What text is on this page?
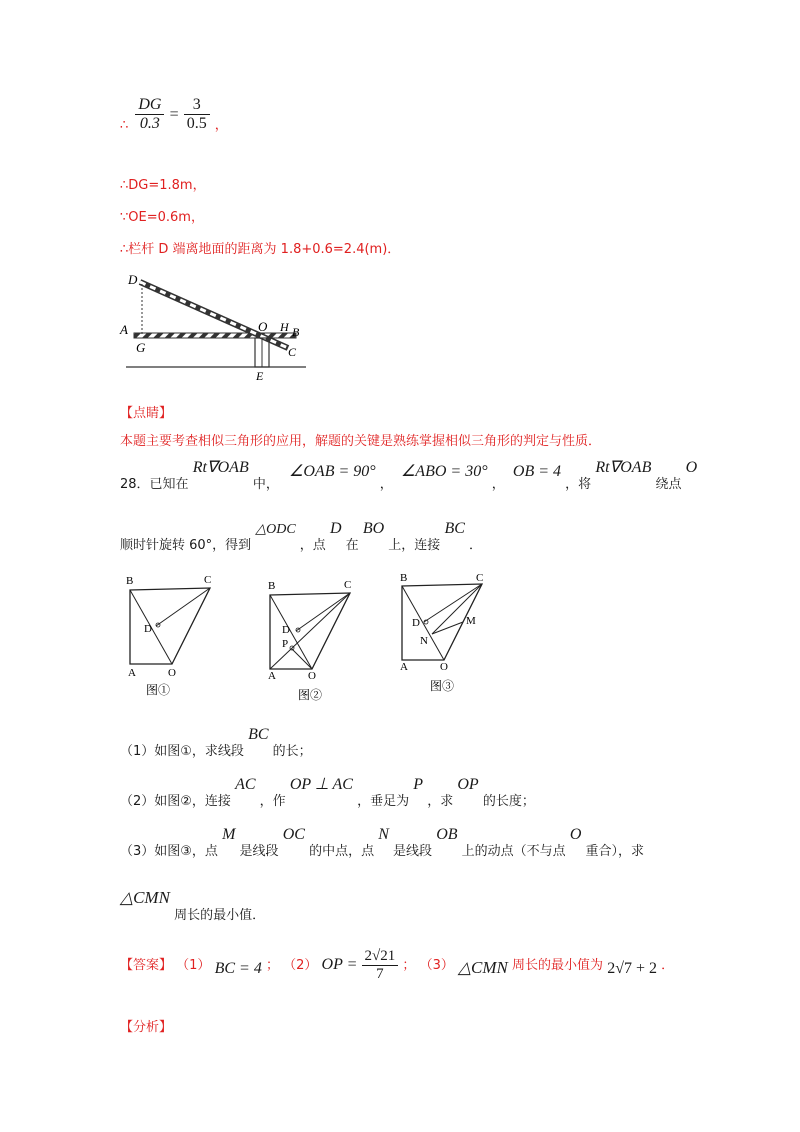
$_\therefore \frac{DG}{0.3} = \frac{3}{0.5} _,$
∴DG=1.8m，
∵OE=0.6m，
∴栏杆 D 端离地面的距离为 1.8+0.6=2.4(m)．
D
A
G
O H B
C
E
【点睛】
本题主要考查相似三角形的应用，解题的关键是熟练掌握相似三角形的判定与性质．
28．已知在 Rt∇OAB 中， ∠OAB = 90° ， ∠ABO = 30° ， OB = 4 ，将 Rt∇OAB 绕点 O
顺时针旋转 60°，得到 △ODC ，点 D 在 BO 上，连接 BC ．
B	C
D
A	O
图①
B	C
D
P
A	O
图②
B	C
D
N
M
A	O
图③
（1）如图①，求线段 BC 的长；
（2）如图②，连接 AC ，作 OP ⊥ AC ，垂足为 P ，求 OP 的长度；
（3）如图③，点 M 是线段 OC 的中点，点 N 是线段 OB 上的动点（不与点 O 重合），求
△CMN 周长的最小值．
【答案】 （1） BC = 4 ； （2） OP = $\frac{2√21}{7}$ ； （3） △CMN 周长的最小值为 2√7 + 2 ．
【分析】
